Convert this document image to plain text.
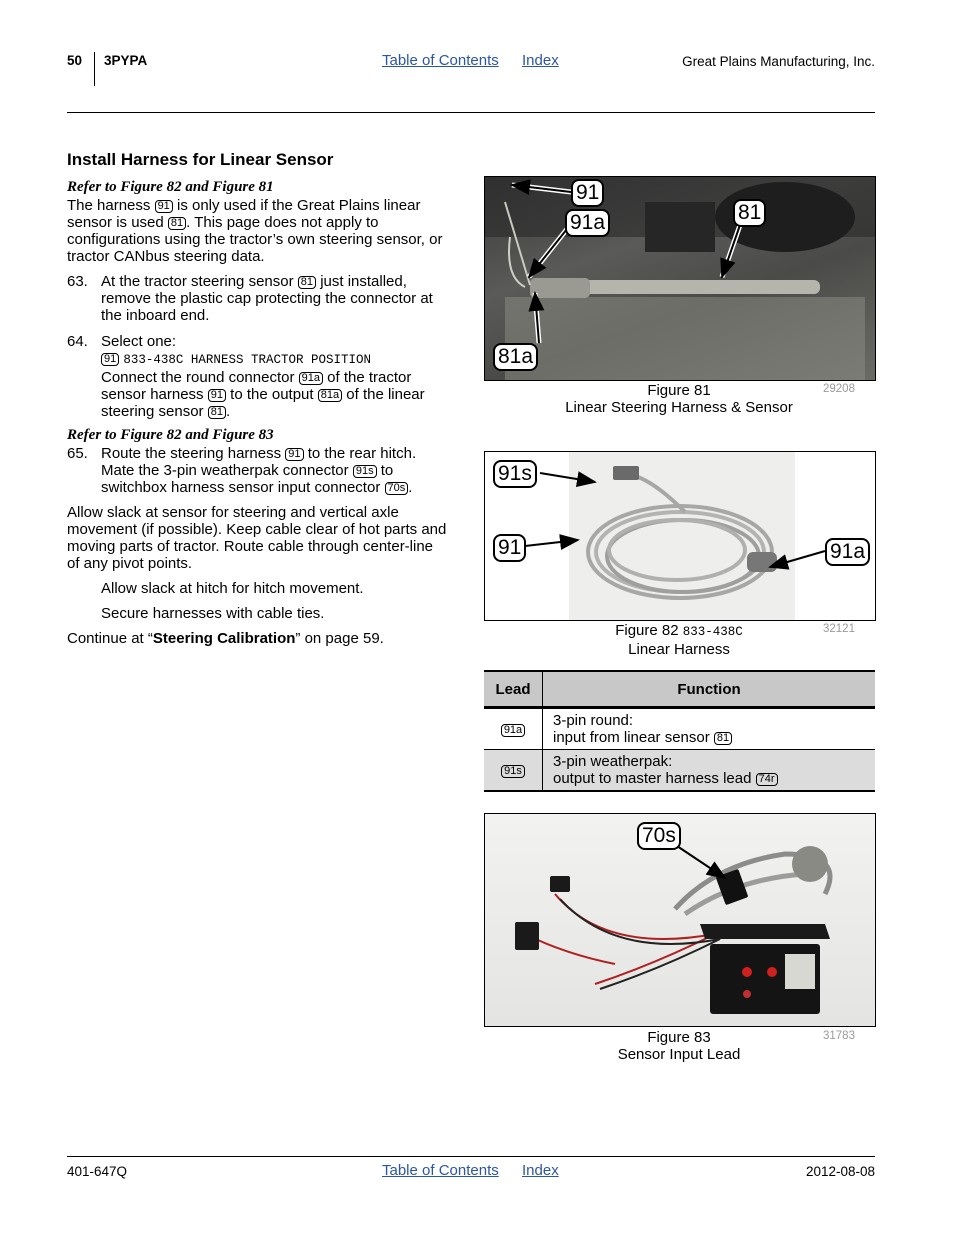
50 3PYPA	Table of Contents Index	Great Plains Manufacturing, Inc.
Install Harness for Linear Sensor
Refer to Figure 82 and Figure 81
The harness 91 is only used if the Great Plains linear
sensor is used 81 . This page does not apply to
configurations using the tractor’s own steering sensor, or
tractor CANbus steering data.
63. At the tractor steering sensor 81 just installed,
remove the plastic cap protecting the connector at
the inboard end.
64. Select one:
91 833-438C HARNESS TRACTOR POSITION
Connect the round connector 91a of the tractor
sensor harness 91 to the output 81a of the linear
steering sensor 81 .
Refer to Figure 82 and Figure 83
65. Route the steering harness 91 to the rear hitch.
Mate the 3-pin weatherpak connector 91s to
switchbox harness sensor input connector 70s .
Allow slack at sensor for steering and vertical axle
movement (if possible). Keep cable clear of hot parts and
moving parts of tractor. Route cable through center-line
of any pivot points.
Allow slack at hitch for hitch movement.
Secure harnesses with cable ties.
Continue at “Steering Calibration” on page 59.
91
91a	81
81a
Figure 81
Linear Steering Harness & Sensor
29208
91s
91	91a
Figure 82 833-438C
Linear Harness
32121
Lead	Function
91a	3-pin round:
input from linear sensor 81
91s	3-pin weatherpak:
output to master harness lead 74r
70s
Figure 83
Sensor Input Lead
31783
401-647Q	Table of Contents Index	2012-08-08
